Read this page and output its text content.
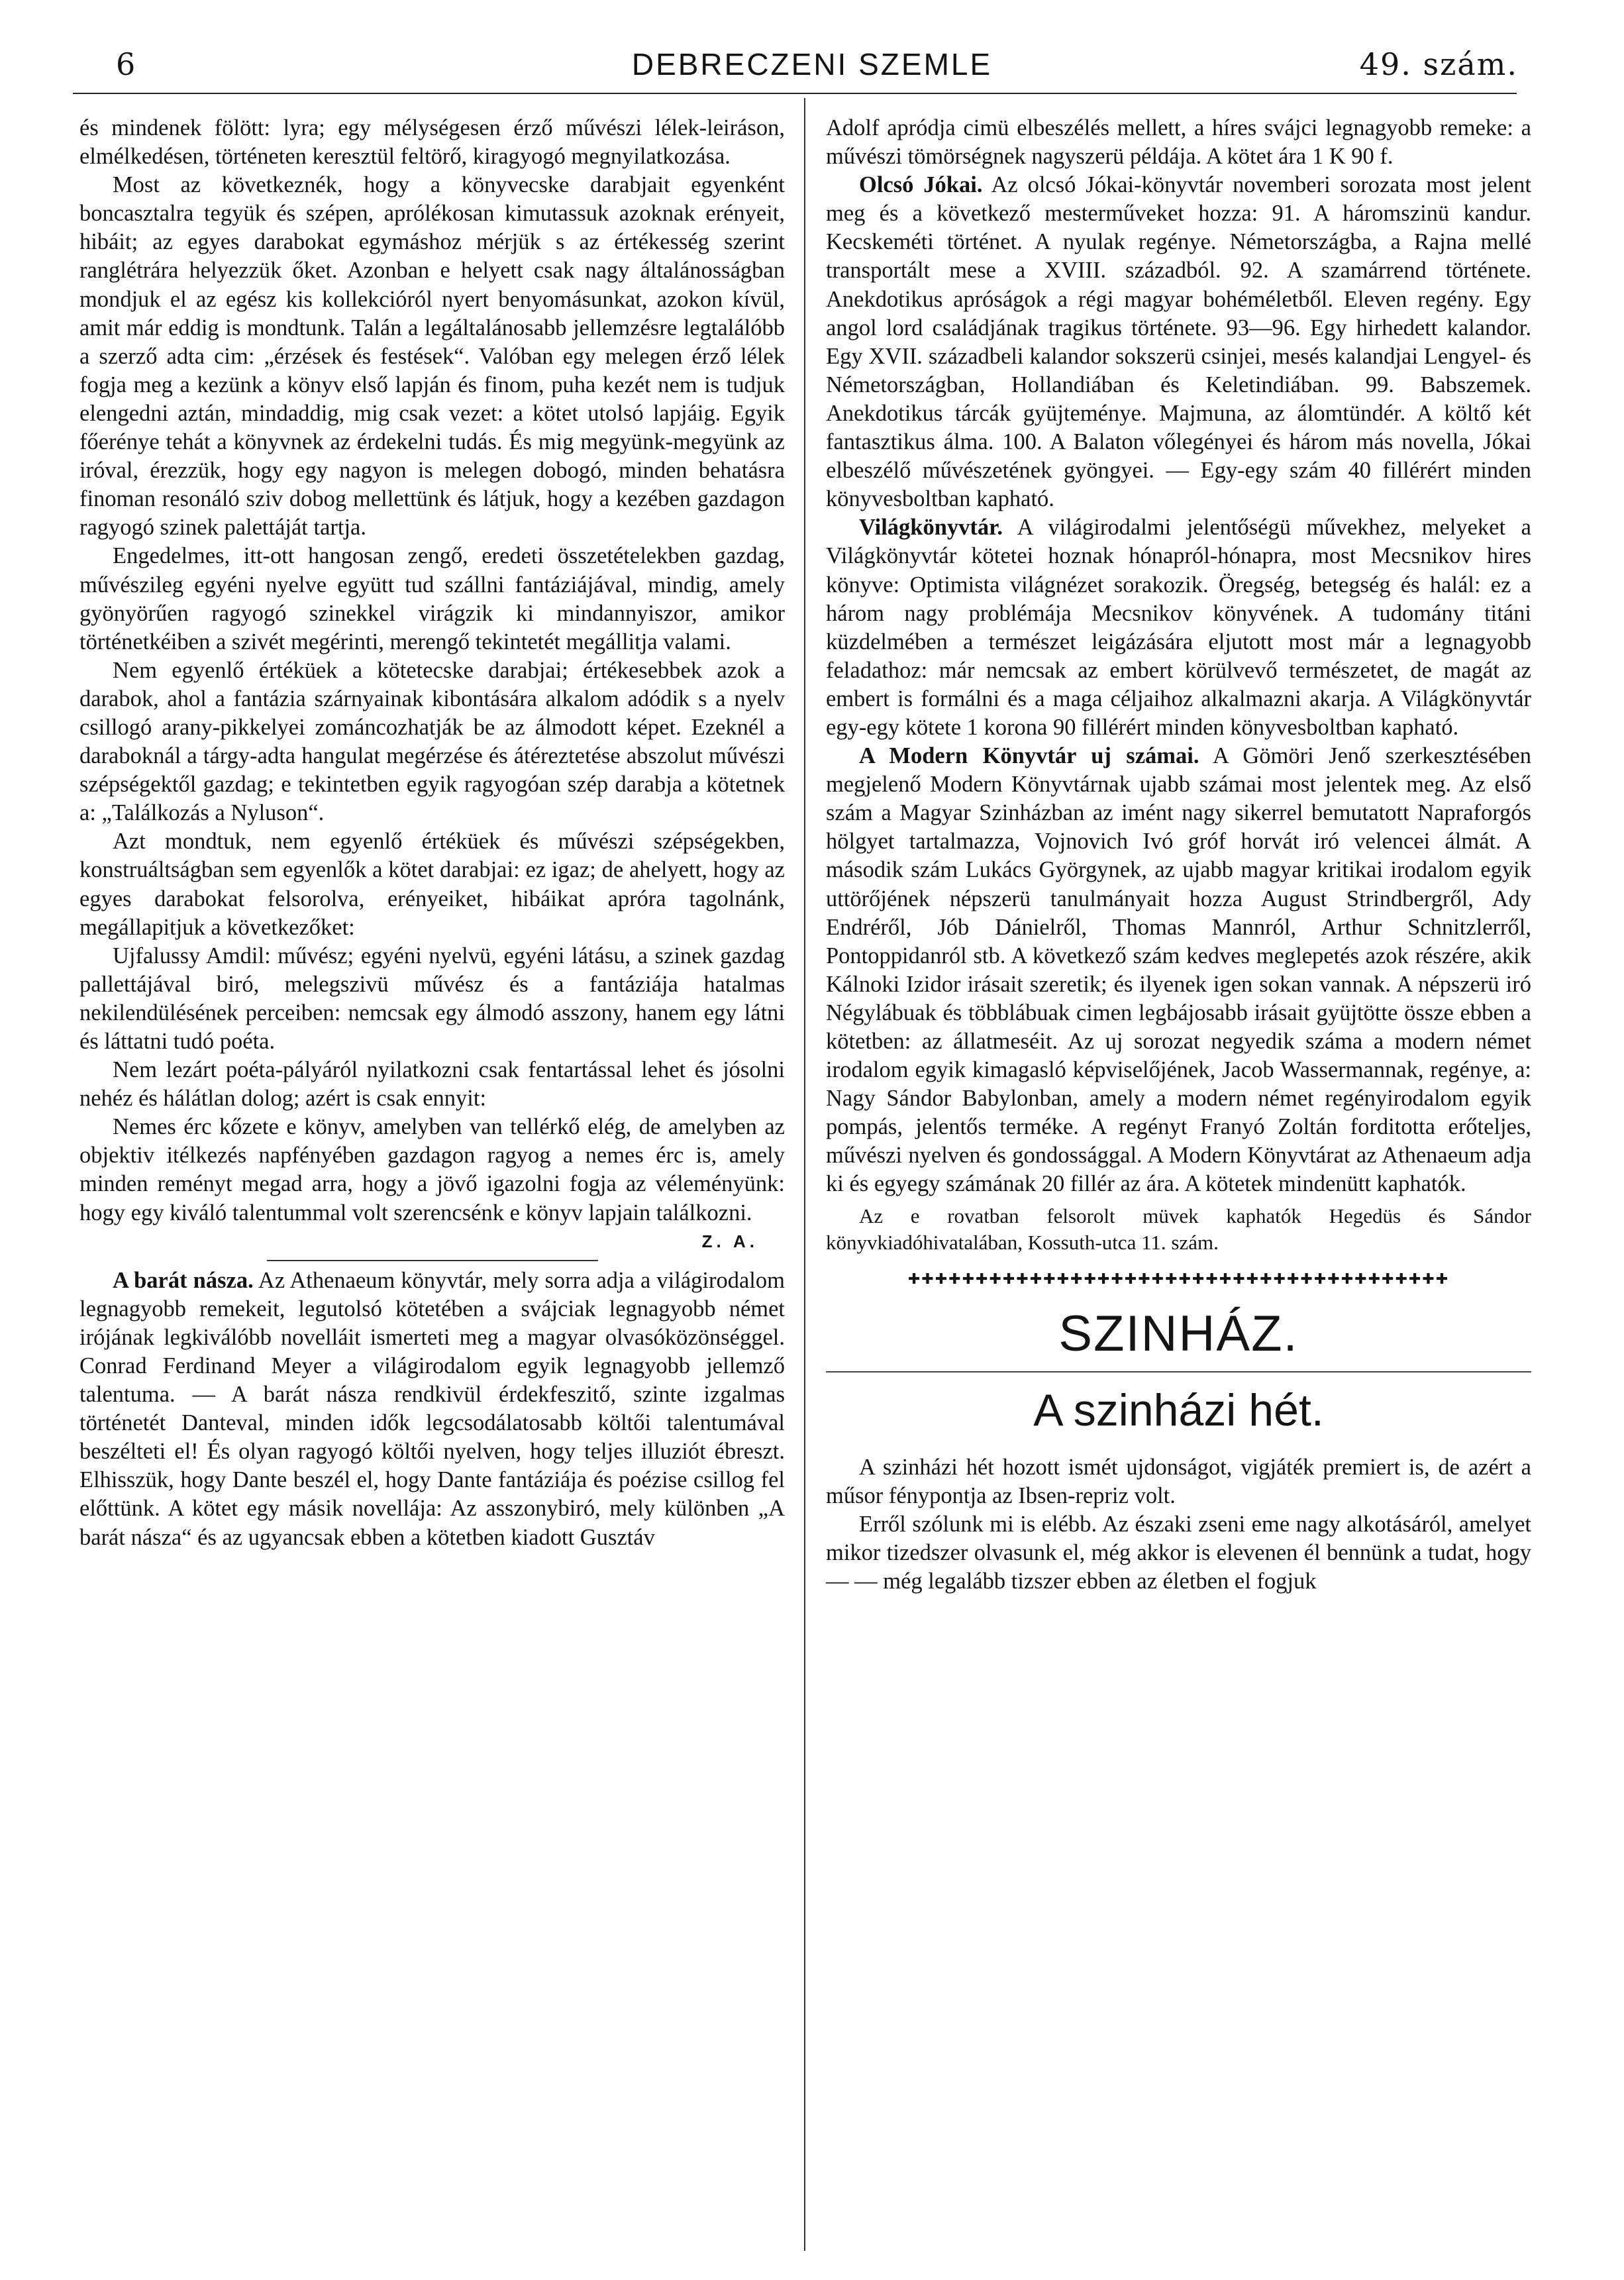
6	DEBRECZENI SZEMLE	49. szám.

és mindenek fölött: lyra; egy mélységesen érző művészi lélek-leiráson, elmélkedésen, történeten keresztül feltörő, kiragyogó megnyilatkozása.

Most az következnék, hogy a könyvecske darabjait egyenként boncasztalra tegyük és szépen, aprólékosan kimutassuk azoknak erényeit, hibáit; az egyes darabokat egymáshoz mérjük s az értékesség szerint ranglétrára helyezzük őket. Azonban e helyett csak nagy általánosságban mondjuk el az egész kis kollekcióról nyert benyomásunkat, azokon kívül, amit már eddig is mondtunk. Talán a legáltalánosabb jellemzésre legtalálóbb a szerző adta cim: „érzések és festések“. Valóban egy melegen érző lélek fogja meg a kezünk a könyv első lapján és finom, puha kezét nem is tudjuk elengedni aztán, mindaddig, mig csak vezet: a kötet utolsó lapjáig. Egyik főerénye tehát a könyvnek az érdekelni tudás. És mig megyünk-megyünk az iróval, érezzük, hogy egy nagyon is melegen dobogó, minden behatásra finoman resonáló sziv dobog mellettünk és látjuk, hogy a kezében gazdagon ragyogó szinek palettáját tartja.

Engedelmes, itt-ott hangosan zengő, eredeti összetételekben gazdag, művészileg egyéni nyelve együtt tud szállni fantáziájával, mindig, amely gyönyörűen ragyogó szinekkel virágzik ki mindannyiszor, amikor történetkéiben a szivét megérinti, merengő tekintetét megállitja valami.

Nem egyenlő értéküek a kötetecske darabjai; értékesebbek azok a darabok, ahol a fantázia szárnyainak kibontására alkalom adódik s a nyelv csillogó arany-pikkelyei zománcozhatják be az álmodott képet. Ezeknél a daraboknál a tárgy-adta hangulat megérzése és átéreztetése abszolut művészi szépségektől gazdag; e tekintetben egyik ragyogóan szép darabja a kötetnek a: „Találkozás a Nyluson“.

Azt mondtuk, nem egyenlő értéküek és művészi szépségekben, konstruáltságban sem egyenlők a kötet darabjai: ez igaz; de ahelyett, hogy az egyes darabokat felsorolva, erényeiket, hibáikat apróra tagolnánk, megállapitjuk a következőket:

Ujfalussy Amdil: művész; egyéni nyelvü, egyéni látásu, a szinek gazdag pallettájával biró, melegszivü művész és a fantáziája hatalmas nekilendülésének perceiben: nemcsak egy álmodó asszony, hanem egy látni és láttatni tudó poéta.

Nem lezárt poéta-pályáról nyilatkozni csak fentartással lehet és jósolni nehéz és hálátlan dolog; azért is csak ennyit:

Nemes érc kőzete e könyv, amelyben van tellérkő elég, de amelyben az objektiv itélkezés napfényében gazdagon ragyog a nemes érc is, amely minden reményt megad arra, hogy a jövő igazolni fogja az véleményünk: hogy egy kiváló talentummal volt szerencsénk e könyv lapjain találkozni.

Z. A.

A barát násza. Az Athenaeum könyvtár, mely sorra adja a világirodalom legnagyobb remekeit, legutolsó kötetében a svájciak legnagyobb német irójának legkiválóbb novelláit ismerteti meg a magyar olvasóközönséggel. Conrad Ferdinand Meyer a világirodalom egyik legnagyobb jellemző talentuma. — A barát násza rendkivül érdekfeszitő, szinte izgalmas történetét Danteval, minden idők legcsodálatosabb költői talentumával beszélteti el! És olyan ragyogó költői nyelven, hogy teljes illuziót ébreszt. Elhisszük, hogy Dante beszél el, hogy Dante fantáziája és poézise csillog fel előttünk. A kötet egy másik novellája: Az asszonybiró, mely különben „A barát násza“ és az ugyancsak ebben a kötetben kiadott Gusztáv

Adolf apródja cimü elbeszélés mellett, a híres svájci legnagyobb remeke: a művészi tömörségnek nagyszerü példája. A kötet ára 1 K 90 f.

Olcsó Jókai. Az olcsó Jókai-könyvtár novemberi sorozata most jelent meg és a következő mesterműveket hozza: 91. A háromszinü kandur. Kecskeméti történet. A nyulak regénye. Németországba, a Rajna mellé transportált mese a XVIII. századból. 92. A szamárrend története. Anekdotikus apróságok a régi magyar bohéméletből. Eleven regény. Egy angol lord családjának tragikus története. 93—96. Egy hirhedett kalandor. Egy XVII. századbeli kalandor sokszerü csinjei, mesés kalandjai Lengyel- és Németországban, Hollandiában és Keletindiában. 99. Babszemek. Anekdotikus tárcák gyüjteménye. Majmuna, az álomtündér. A költő két fantasztikus álma. 100. A Balaton vőlegényei és három más novella, Jókai elbeszélő művészetének gyöngyei. — Egy-egy szám 40 fillérért minden könyvesboltban kapható.

Világkönyvtár. A világirodalmi jelentőségü művekhez, melyeket a Világkönyvtár kötetei hoznak hónapról-hónapra, most Mecsnikov hires könyve: Optimista világnézet sorakozik. Öregség, betegség és halál: ez a három nagy problémája Mecsnikov könyvének. A tudomány titáni küzdelmében a természet leigázására eljutott most már a legnagyobb feladathoz: már nemcsak az embert körülvevő természetet, de magát az embert is formálni és a maga céljaihoz alkalmazni akarja. A Világkönyvtár egy-egy kötete 1 korona 90 fillérért minden könyvesboltban kapható.

A Modern Könyvtár uj számai. A Gömöri Jenő szerkesztésében megjelenő Modern Könyvtárnak ujabb számai most jelentek meg. Az első szám a Magyar Szinházban az imént nagy sikerrel bemutatott Napraforgós hölgyet tartalmazza, Vojnovich Ivó gróf horvát iró velencei álmát. A második szám Lukács Györgynek, az ujabb magyar kritikai irodalom egyik uttörőjének népszerü tanulmányait hozza August Strindbergről, Ady Endréről, Jób Dánielről, Thomas Mannról, Arthur Schnitzlerről, Pontoppidanról stb. A következő szám kedves meglepetés azok részére, akik Kálnoki Izidor irásait szeretik; és ilyenek igen sokan vannak. A népszerü iró Négylábuak és többlábuak cimen legbájosabb irásait gyüjtötte össze ebben a kötetben: az állatmeséit. Az uj sorozat negyedik száma a modern német irodalom egyik kimagasló képviselőjének, Jacob Wassermannak, regénye, a: Nagy Sándor Babylonban, amely a modern német regényirodalom egyik pompás, jelentős terméke. A regényt Franyó Zoltán forditotta erőteljes, művészi nyelven és gondossággal. A Modern Könyvtárat az Athenaeum adja ki és egyegy számának 20 fillér az ára. A kötetek mindenütt kaphatók.

Az e rovatban felsorolt müvek kaphatók Hegedüs és Sándor könyvkiadóhivatalában, Kossuth-utca 11. szám.
✚✚✚✚✚✚✚✚✚✚✚✚✚✚✚✚✚✚✚✚✚✚✚✚✚✚✚✚✚✚✚✚✚✚✚✚✚✚✚✚
SZINHÁZ.
A szinházi hét.

A szinházi hét hozott ismét ujdonságot, vigjáték premiert is, de azért a műsor fénypontja az Ibsen-repriz volt.

Erről szólunk mi is elébb. Az északi zseni eme nagy alkotásáról, amelyet mikor tizedszer olvasunk el, még akkor is elevenen él bennünk a tudat, hogy — — még legalább tizszer ebben az életben el fogjuk
